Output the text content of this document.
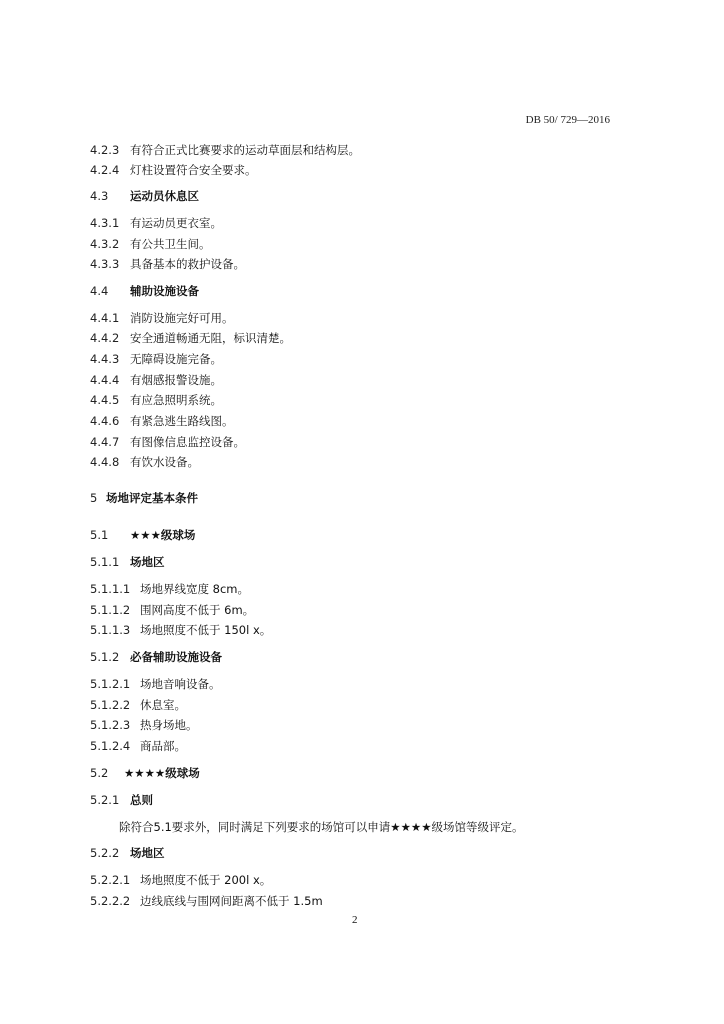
DB 50/ 729—2016
4.2.3 有符合正式比赛要求的运动草面层和结构层。
4.2.4 灯柱设置符合安全要求。
4.3 运动员休息区
4.3.1 有运动员更衣室。
4.3.2 有公共卫生间。
4.3.3 具备基本的救护设备。
4.4 辅助设施设备
4.4.1 消防设施完好可用。
4.4.2 安全通道畅通无阻，标识清楚。
4.4.3 无障碍设施完备。
4.4.4 有烟感报警设施。
4.4.5 有应急照明系统。
4.4.6 有紧急逃生路线图。
4.4.7 有图像信息监控设备。
4.4.8 有饮水设备。
5 场地评定基本条件
5.1 ★★★级球场
5.1.1 场地区
5.1.1.1 场地界线宽度 8cm。
5.1.1.2 围网高度不低于 6m。
5.1.1.3 场地照度不低于 150l x。
5.1.2 必备辅助设施设备
5.1.2.1 场地音响设备。
5.1.2.2 休息室。
5.1.2.3 热身场地。
5.1.2.4 商品部。
5.2 ★★★★级球场
5.2.1 总则
除符合5.1要求外，同时满足下列要求的场馆可以申请★★★★级场馆等级评定。
5.2.2 场地区
5.2.2.1 场地照度不低于 200l x。
5.2.2.2 边线底线与围网间距离不低于 1.5m
2
